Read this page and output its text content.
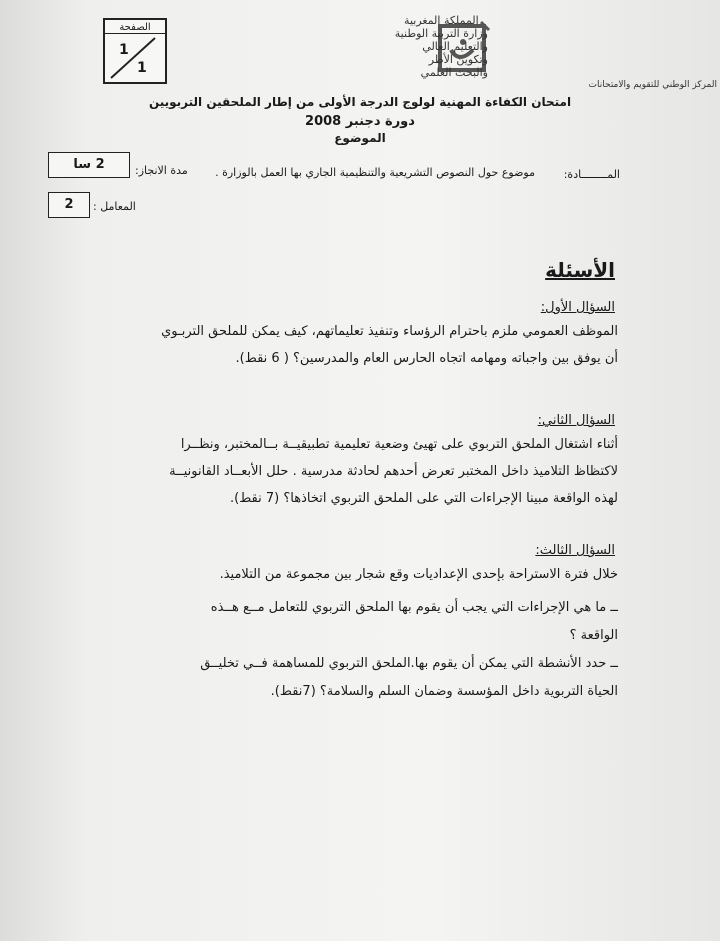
الصفحة
1
1
المملكة المغربية
وزارة التربية الوطنية
والتعليم العالي
وتكوين الأطر
والبحث العلمي
المركز الوطني للتقويم والامتحانات
امتحان الكفاءة المهنية لولوج الدرجة الأولى من إطار الملحقين التربويين
دورة دجنبر 2008
الموضوع
المــــــــادة:
موضوع حول النصوص التشريعية والتنظيمية الجاري بها العمل بالوزارة .
مدة الانجاز:
2 سا
المعامل :
2
الأسئلة
السؤال الأول:
الموظف العمومي ملزم باحترام الرؤساء وتنفيذ تعليماتهم، كيف يمكن للملحق التربـوي
أن يوفق بين واجباته ومهامه اتجاه الحارس العام والمدرسين؟ ( 6 نقط).
السؤال الثاني:
أثناء اشتغال الملحق التربوي على تهيئ وضعية تعليمية تطبيقيــة بــالمختبر، ونظــرا
لاكتظاظ التلاميذ داخل المختبر تعرض أحدهم لحادثة مدرسية . حلل الأبعــاد القانونيــة
لهذه الواقعة مبينا الإجراءات التي على الملحق التربوي اتخاذها؟ (7 نقط).
السؤال الثالث:
خلال فترة الاستراحة بإحدى الإعداديات وقع شجار بين مجموعة من التلاميذ.
ــ ما هي الإجراءات التي يجب أن يقوم بها الملحق التربوي للتعامل مــع هــذه
الواقعة ؟
ــ حدد الأنشطة التي يمكن أن يقوم بها.الملحق التربوي للمساهمة فــي تخليــق
الحياة التربوية داخل المؤسسة وضمان السلم والسلامة؟ (7نقط).
